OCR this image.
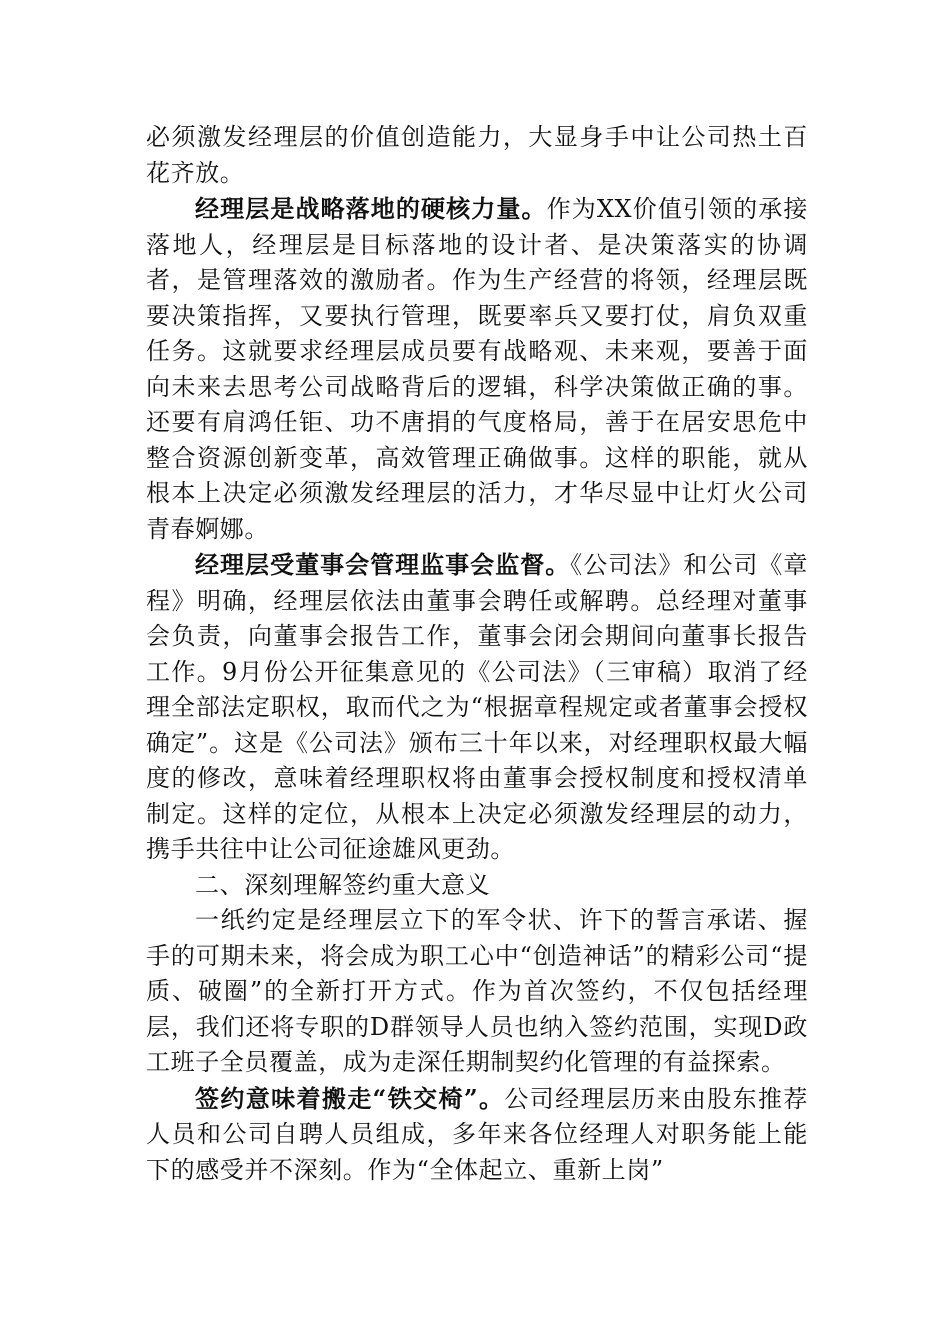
必须激发经理层的价值创造能力，大显身手中让公司热土百花齐放。

经理层是战略落地的硬核力量。作为XX价值引领的承接落地人，经理层是目标落地的设计者、是决策落实的协调者，是管理落效的激励者。作为生产经营的将领，经理层既要决策指挥，又要执行管理，既要率兵又要打仗，肩负双重任务。这就要求经理层成员要有战略观、未来观，要善于面向未来去思考公司战略背后的逻辑，科学决策做正确的事。还要有肩鸿任钜、功不唐捐的气度格局，善于在居安思危中整合资源创新变革，高效管理正确做事。这样的职能，就从根本上决定必须激发经理层的活力，才华尽显中让灯火公司青春婀娜。

经理层受董事会管理监事会监督。《公司法》和公司《章程》明确，经理层依法由董事会聘任或解聘。总经理对董事会负责，向董事会报告工作，董事会闭会期间向董事长报告工作。9月份公开征集意见的《公司法》（三审稿）取消了经理全部法定职权，取而代之为“根据章程规定或者董事会授权确定”。这是《公司法》颁布三十年以来，对经理职权最大幅度的修改，意味着经理职权将由董事会授权制度和授权清单制定。这样的定位，从根本上决定必须激发经理层的动力，携手共往中让公司征途雄风更劲。

二、深刻理解签约重大意义

一纸约定是经理层立下的军令状、许下的誓言承诺、握手的可期未来，将会成为职工心中“创造神话”的精彩公司“提质、破圈”的全新打开方式。作为首次签约，不仅包括经理层，我们还将专职的D群领导人员也纳入签约范围，实现D政工班子全员覆盖，成为走深任期制契约化管理的有益探索。

签约意味着搬走“铁交椅”。公司经理层历来由股东推荐人员和公司自聘人员组成，多年来各位经理人对职务能上能下的感受并不深刻。作为“全体起立、重新上岗”
